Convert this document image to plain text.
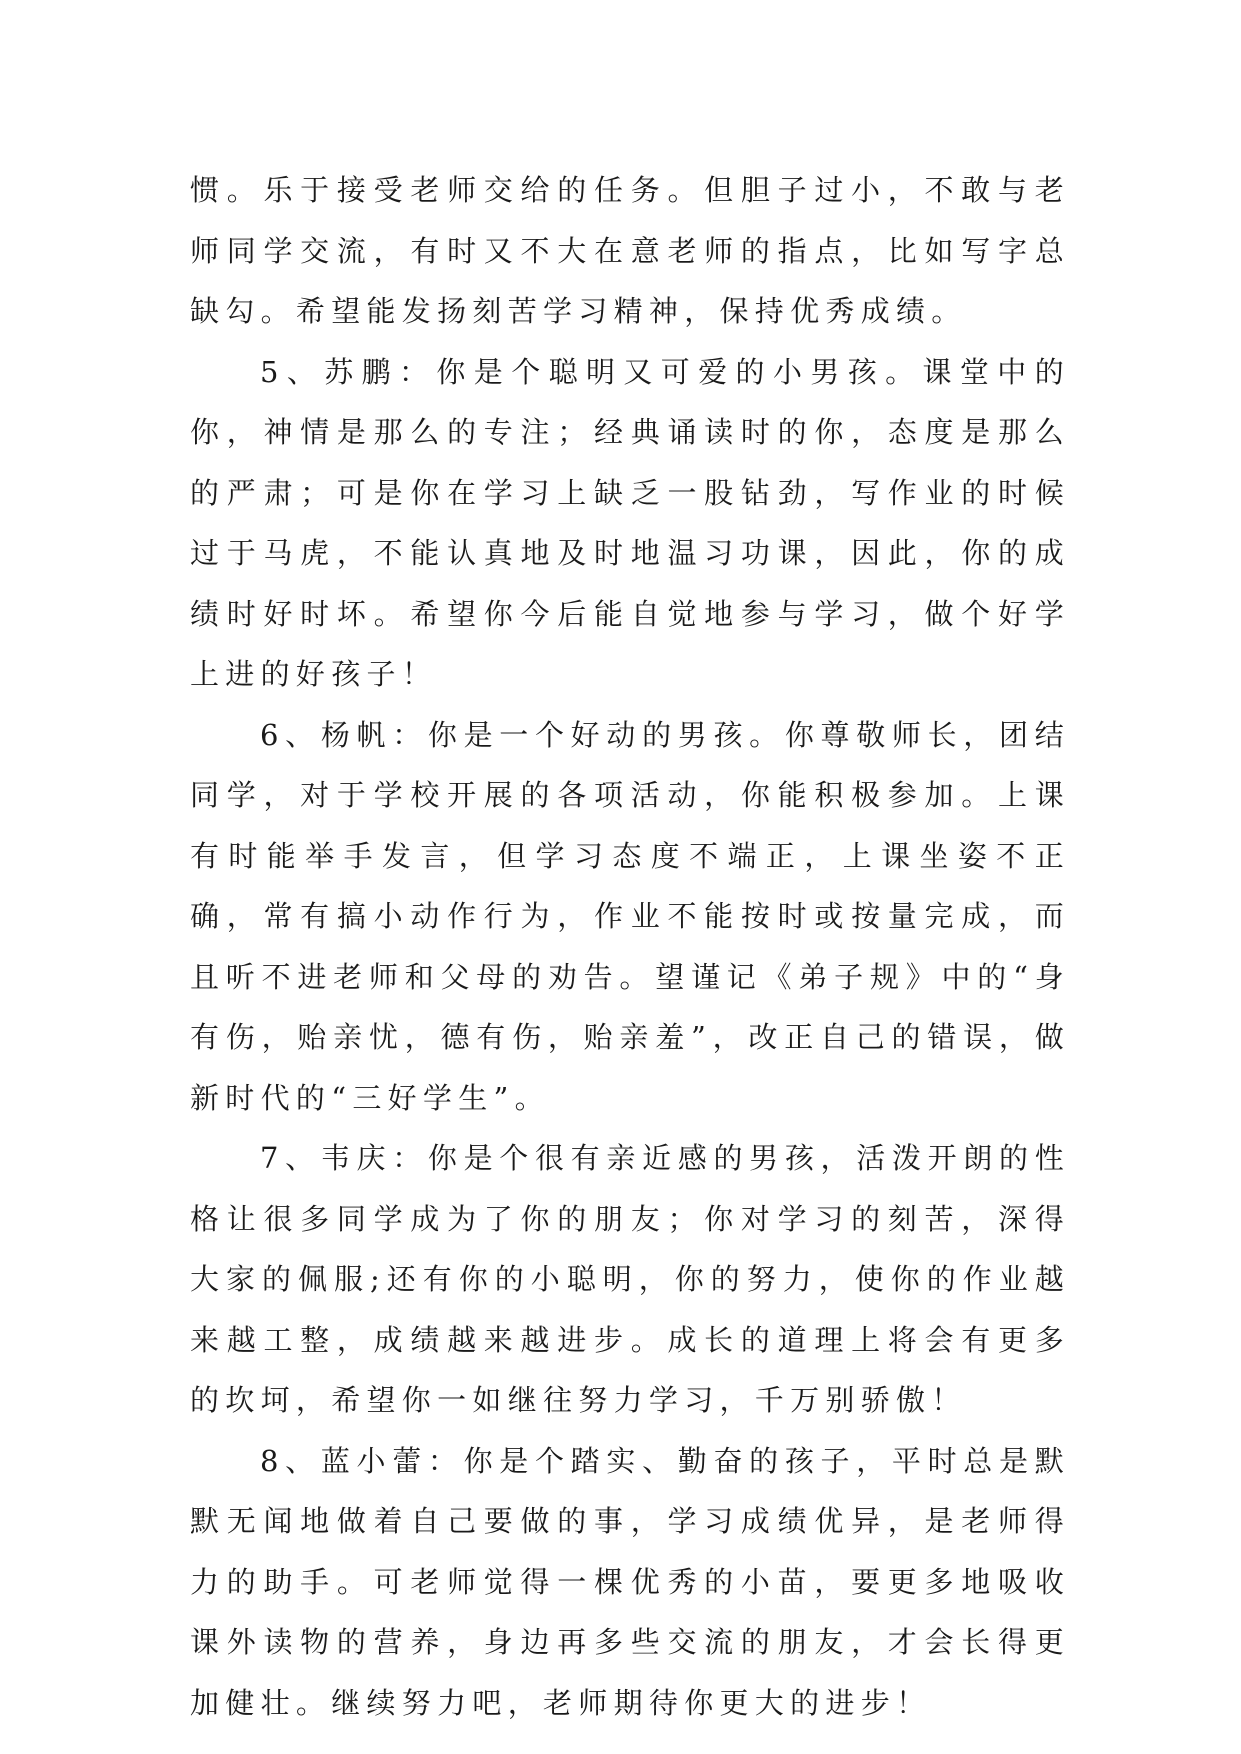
惯。乐于接受老师交给的任务。但胆子过小，不敢与老师同学交流，有时又不大在意老师的指点，比如写字总缺勾。希望能发扬刻苦学习精神，保持优秀成绩。

5、苏鹏：你是个聪明又可爱的小男孩。课堂中的你，神情是那么的专注；经典诵读时的你，态度是那么的严肃；可是你在学习上缺乏一股钻劲，写作业的时候过于马虎，不能认真地及时地温习功课，因此，你的成绩时好时坏。希望你今后能自觉地参与学习，做个好学上进的好孩子！

6、杨帆：你是一个好动的男孩。你尊敬师长，团结同学，对于学校开展的各项活动，你能积极参加。上课有时能举手发言，但学习态度不端正，上课坐姿不正确，常有搞小动作行为，作业不能按时或按量完成，而且听不进老师和父母的劝告。望谨记《弟子规》中的“身有伤，贻亲忧，德有伤，贻亲羞”，改正自己的错误，做新时代的“三好学生”。

7、韦庆：你是个很有亲近感的男孩，活泼开朗的性格让很多同学成为了你的朋友；你对学习的刻苦，深得大家的佩服;还有你的小聪明，你的努力，使你的作业越来越工整，成绩越来越进步。成长的道理上将会有更多的坎坷，希望你一如继往努力学习，千万别骄傲！

8、蓝小蕾：你是个踏实、勤奋的孩子，平时总是默默无闻地做着自己要做的事，学习成绩优异，是老师得力的助手。可老师觉得一棵优秀的小苗，要更多地吸收课外读物的营养，身边再多些交流的朋友，才会长得更加健壮。继续努力吧，老师期待你更大的进步！
